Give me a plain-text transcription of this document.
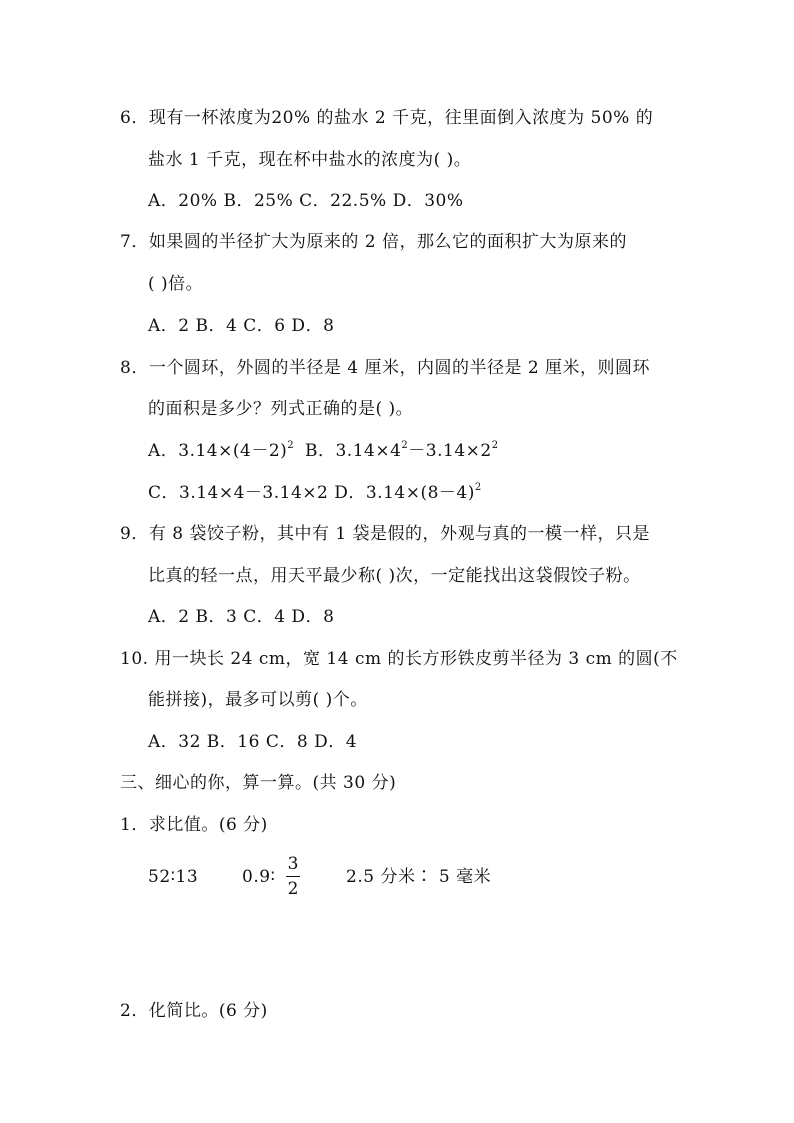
6．现有一杯浓度为20% 的盐水 2 千克，往里面倒入浓度为 50% 的
盐水 1 千克，现在杯中盐水的浓度为( )。
A．20% B．25% C．22.5% D．30%
7．如果圆的半径扩大为原来的 2 倍，那么它的面积扩大为原来的
( )倍。
A．2 B．4 C．6 D．8
8．一个圆环，外圆的半径是 4 厘米，内圆的半径是 2 厘米，则圆环
的面积是多少？列式正确的是( )。
A．$3.14\times(4-2)^2$ B．$3.14\times 4^2-3.14\times 2^2$
C．3.14×4－3.14×2 D．$3.14\times(8-4)^2$
9．有 8 袋饺子粉，其中有 1 袋是假的，外观与真的一模一样，只是
比真的轻一点，用天平最少称( )次，一定能找出这袋假饺子粉。
A．2 B．3 C．4 D．8
10. 用一块长 24 cm，宽 14 cm 的长方形铁皮剪半径为 3 cm 的圆(不
能拼接)，最多可以剪( )个。
A．32 B．16 C．8 D．4
三、细心的你，算一算。(共 30 分)
1．求比值。(6 分)
52∶13	0.9∶
3
2
2.5 分米∶ 5 毫米
2．化简比。(6 分)
